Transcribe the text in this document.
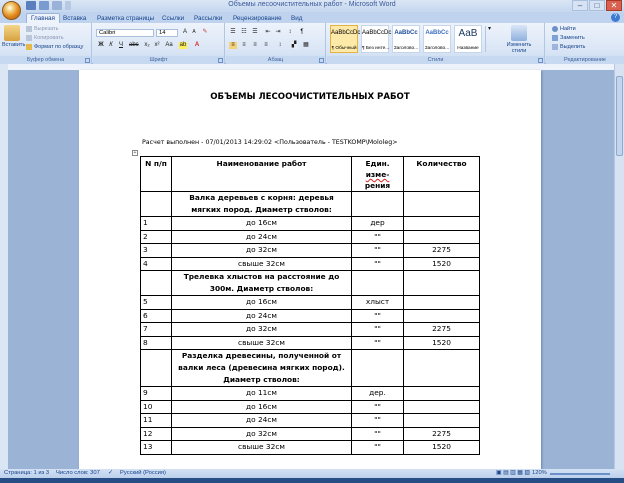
Объемы лесоочистительных работ - Microsoft Word	–	□	✕
Главная	Вставка Разметка страницы Ссылки Рассылки Рецензирование Вид	?
Вставить
Вырезать
Копировать
Формат по образцу
Буфер обмена
Calibri	14	A	A	✎
Ж К	Ч	abc x₂ x² Aa ab	A
Шрифт
☰ ☷ ☰ ⇤ ⇥	↕	¶
≡	≡	≡	≡	↕	▞ ▦
Абзац
AaBbCcDc
¶ Обычный
AaBbCcDc
¶ Без инте...
AaBbCc
Заголово...
AaBbCc
Заголово...
AaB
Название
▾
Изменить стили
Стили
Найти
Заменить
Выделить
Редактирование
ОБЪЕМЫ ЛЕСООЧИСТИТЕЛЬНЫХ РАБОТ
Расчет выполнен - 07/01/2013 14:29:02 <Пользователь - TESTKOMP\Mololeg>
+
N п/п	Наименование работ	Един.
изме-
рения	Количество
	Валка деревьев с корня: деревья мягких пород. Диаметр стволов:		
1	до 16см	дер	
2	до 24см	""	
3	до 32см	""	2275
4	свыше 32см	""	1520
	Трелевка хлыстов на расстояние до 300м. Диаметр стволов:		
5	до 16см	хлыст	
6	до 24см	""	
7	до 32см	""	2275
8	свыше 32см	""	1520
	Разделка древесины, полученной от валки леса (древесина мягких пород). Диаметр стволов:		
9	до 11см	дер.	
10	до 16см	""	
11	до 24см	""	
12	до 32см	""	2275
13	свыше 32см	""	1520
Страница: 1 из 3 Число слов: 307 ✓ Русский (Россия)	▣ ▤ ▥ ▦ ▧ 120%
